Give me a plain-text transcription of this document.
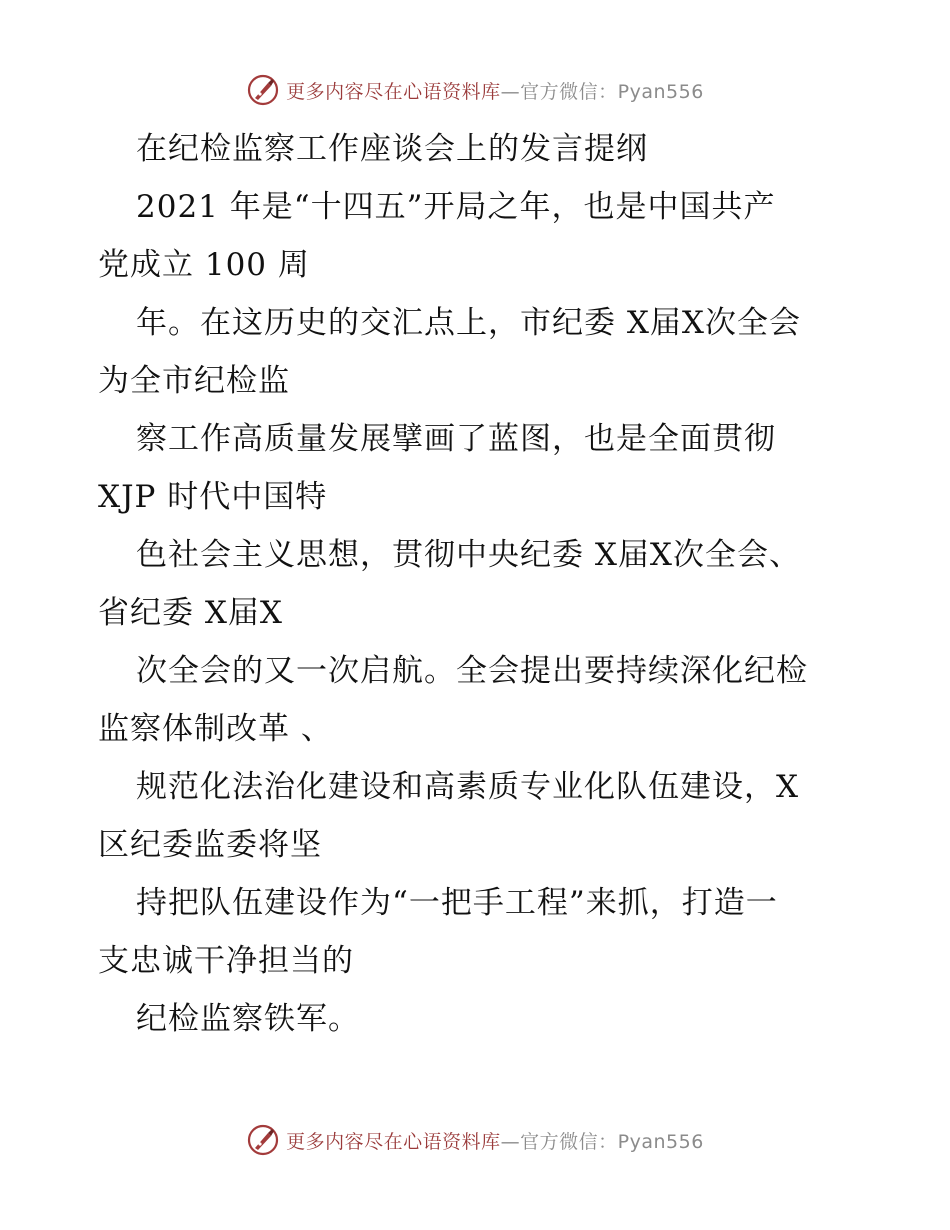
更多内容尽在心语资料库—官方微信：Pyan556
在纪检监察工作座谈会上的发言提纲
2021 年是“十四五”开局之年，也是中国共产
党成立 100 周
年。在这历史的交汇点上，市纪委 X届X次全会
为全市纪检监
察工作高质量发展擘画了蓝图，也是全面贯彻
XJP 时代中国特
色社会主义思想，贯彻中央纪委 X届X次全会、
省纪委 X届X
次全会的又一次启航。全会提出要持续深化纪检
监察体制改革 、
规范化法治化建设和高素质专业化队伍建设，X
区纪委监委将坚
持把队伍建设作为“一把手工程”来抓，打造一
支忠诚干净担当的
纪检监察铁军。
更多内容尽在心语资料库—官方微信：Pyan556
